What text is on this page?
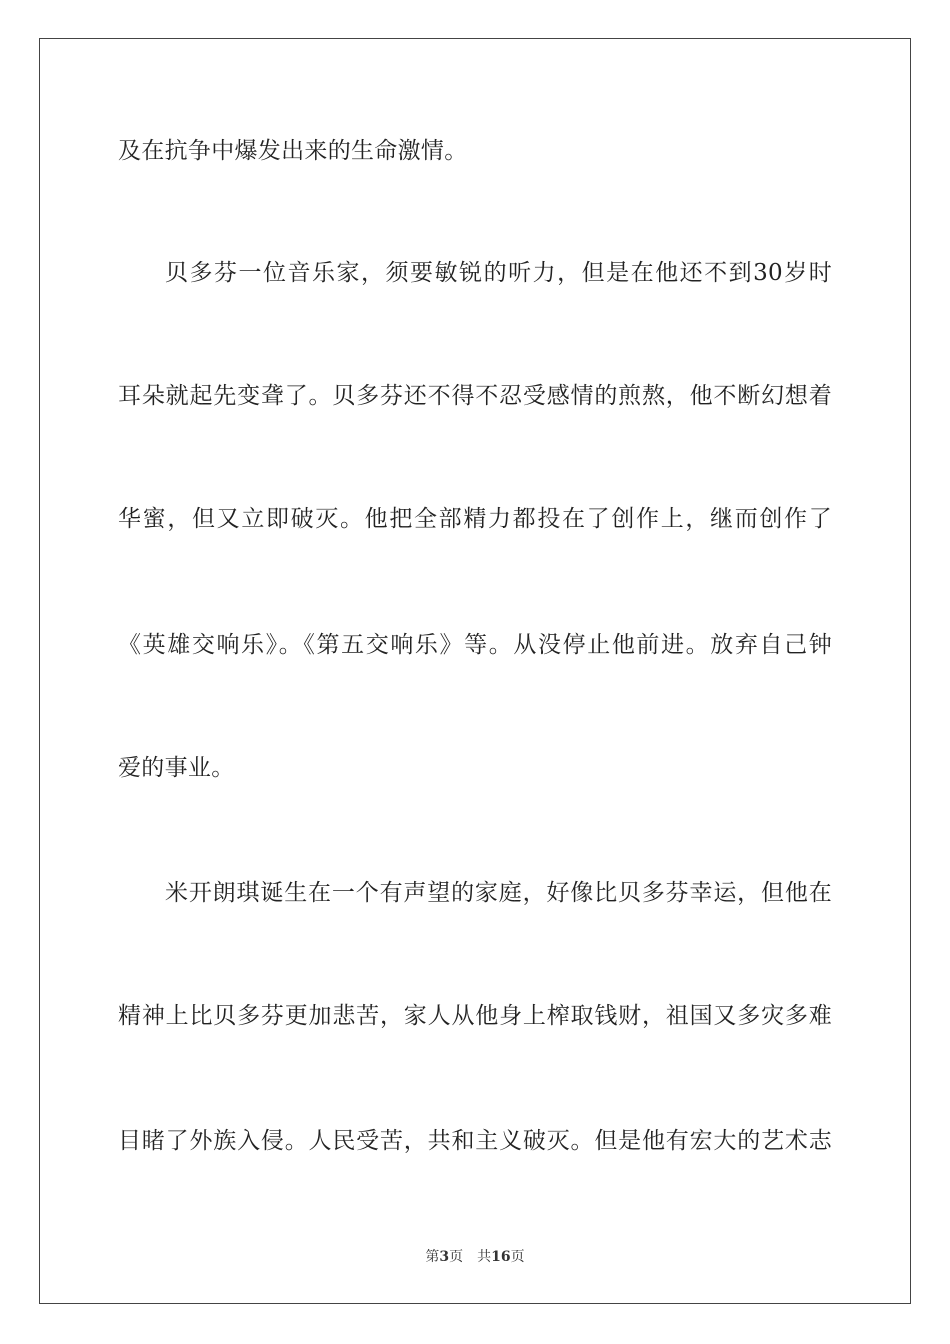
及在抗争中爆发出来的生命激情。
贝多芬一位音乐家，须要敏锐的听力，但是在他还不到30岁时
耳朵就起先变聋了。贝多芬还不得不忍受感情的煎熬，他不断幻想着
华蜜，但又立即破灭。他把全部精力都投在了创作上，继而创作了
《英雄交响乐》。《第五交响乐》等。从没停止他前进。放弃自己钟
爱的事业。
米开朗琪诞生在一个有声望的家庭，好像比贝多芬幸运，但他在
精神上比贝多芬更加悲苦，家人从他身上榨取钱财，祖国又多灾多难
目睹了外族入侵。人民受苦，共和主义破灭。但是他有宏大的艺术志
第3页 共16页
